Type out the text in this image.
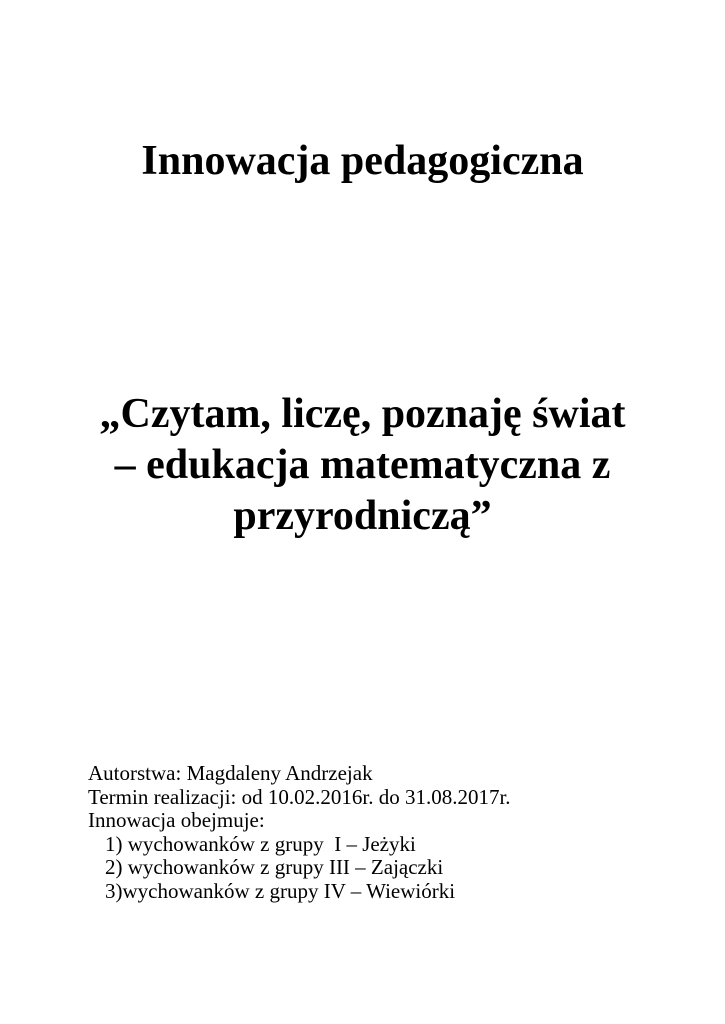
Innowacja pedagogiczna
„Czytam, liczę, poznaję świat
– edukacja matematyczna z
przyrodniczą”
Autorstwa: Magdaleny Andrzejak
Termin realizacji: od 10.02.2016r. do 31.08.2017r.
Innowacja obejmuje:
1) wychowanków z grupy  I – Jeżyki
2) wychowanków z grupy III – Zajączki
3)wychowanków z grupy IV – Wiewiórki
